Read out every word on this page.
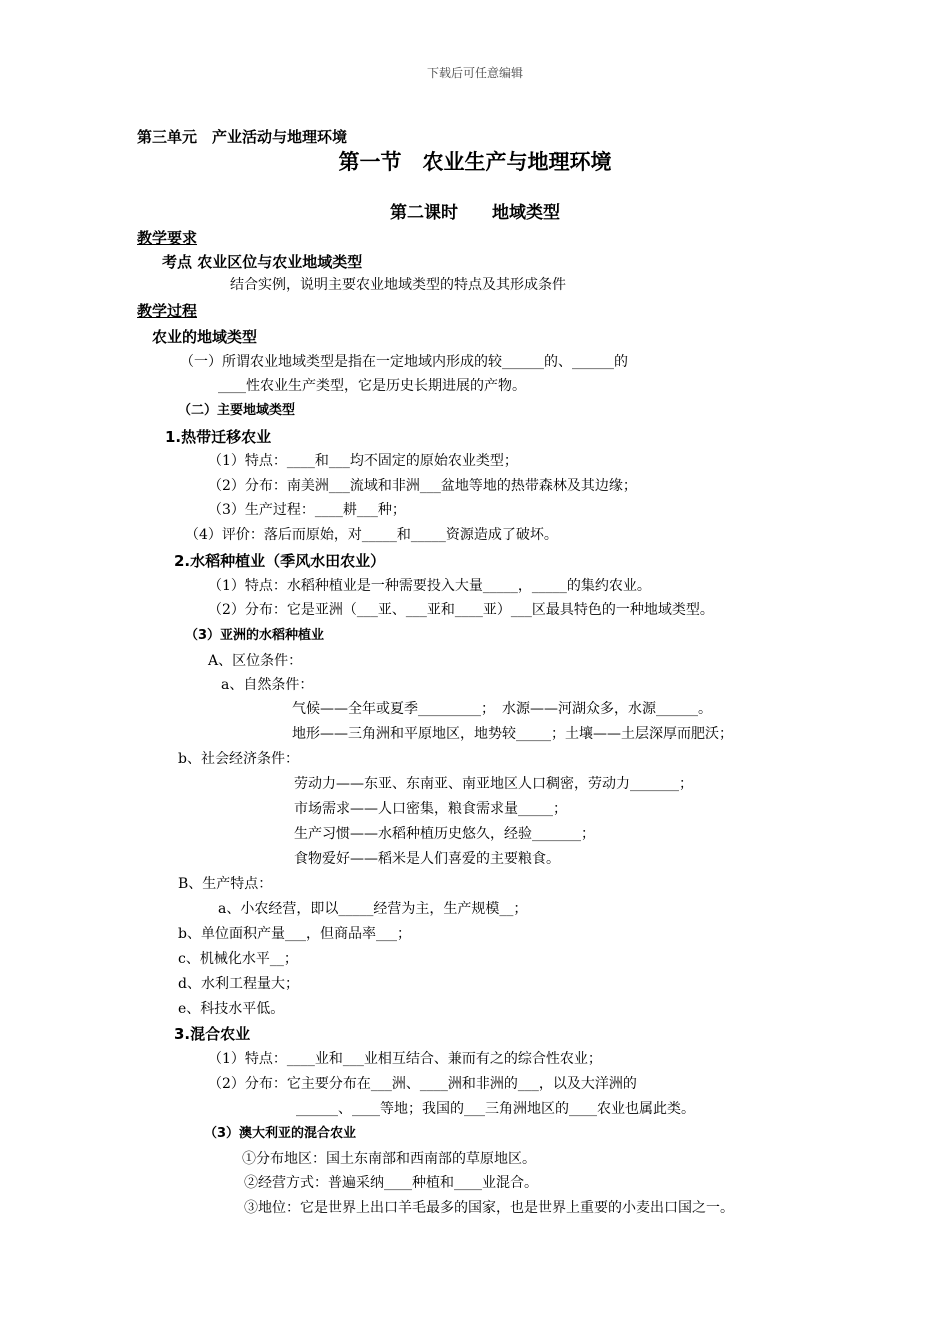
下载后可任意编辑
第三单元　产业活动与地理环境
第一节　农业生产与地理环境
第二课时　　地域类型
教学要求
考点 农业区位与农业地域类型
结合实例，说明主要农业地域类型的特点及其形成条件
教学过程
农业的地域类型
（一）所谓农业地域类型是指在一定地域内形成的较______的、______的
____性农业生产类型，它是历史长期进展的产物。
（二）主要地域类型
1.热带迁移农业
（1）特点：____和___均不固定的原始农业类型；
（2）分布：南美洲___流域和非洲___盆地等地的热带森林及其边缘；
（3）生产过程：____耕___种；
（4）评价：落后而原始，对_____和_____资源造成了破坏。
2.水稻种植业（季风水田农业）
（1）特点：水稻种植业是一种需要投入大量_____，_____的集约农业。
（2）分布：它是亚洲（___亚、___亚和____亚）___区最具特色的一种地域类型。
（3）亚洲的水稻种植业
A、区位条件：
a、自然条件：
气候——全年或夏季_________；　水源——河湖众多，水源______。
地形——三角洲和平原地区，地势较_____；土壤——土层深厚而肥沃；
b、社会经济条件：
劳动力——东亚、东南亚、南亚地区人口稠密，劳动力_______；
市场需求——人口密集，粮食需求量_____；
生产习惯——水稻种植历史悠久，经验_______；
食物爱好——稻米是人们喜爱的主要粮食。
B、生产特点：
a、小农经营，即以_____经营为主，生产规模__；
b、单位面积产量___，但商品率___；
c、机械化水平__；
d、水利工程量大；
e、科技水平低。
3.混合农业
（1）特点：____业和___业相互结合、兼而有之的综合性农业；
（2）分布：它主要分布在___洲、____洲和非洲的___，以及大洋洲的
______、____等地；我国的___三角洲地区的____农业也属此类。
（3）澳大利亚的混合农业
①分布地区：国土东南部和西南部的草原地区。
②经营方式：普遍采纳____种植和____业混合。
③地位：它是世界上出口羊毛最多的国家，也是世界上重要的小麦出口国之一。
